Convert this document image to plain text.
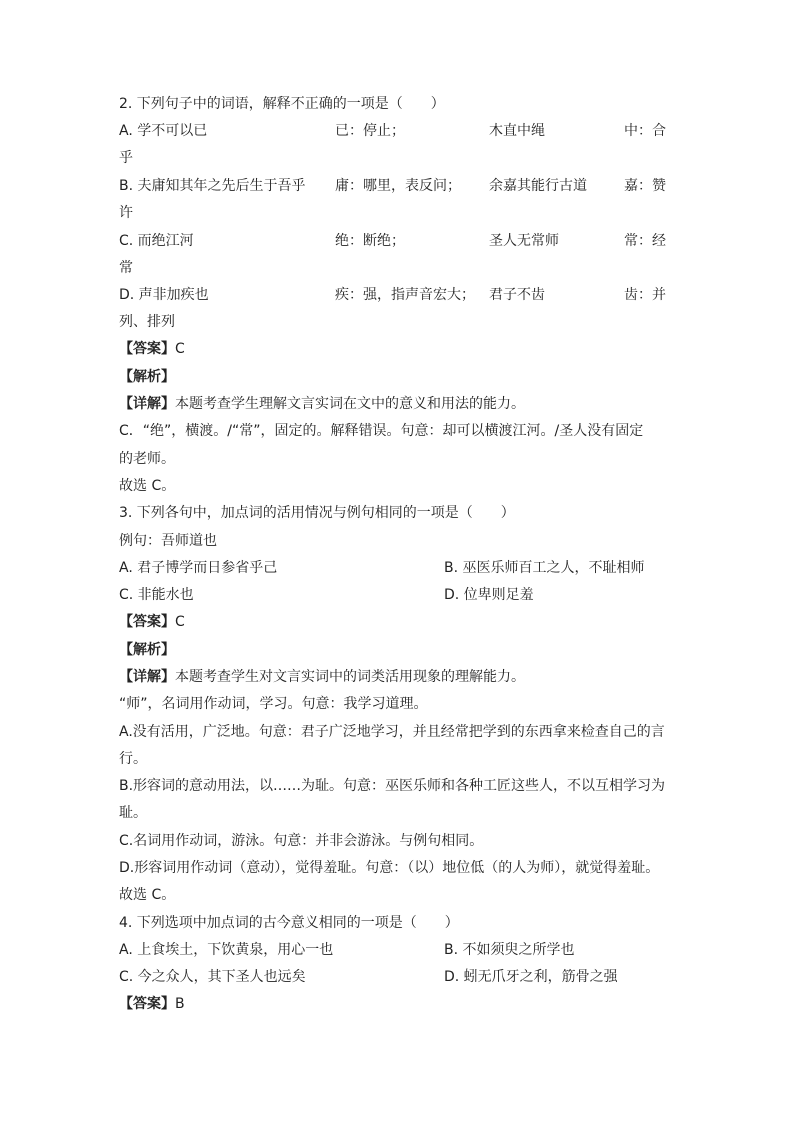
2. 下列句子中的词语，解释不正确的一项是（　　）
A. 学不可以已	已：停止；	木直中绳	中：合
乎
B. 夫庸知其年之先后生于吾乎 庸：哪里，表反问； 余嘉其能行古道	嘉：赞
许
C. 而绝江河	绝：断绝；	圣人无常师	常：经
常
D. 声非加疾也	疾：强，指声音宏大； 君子不齿	齿：并
列、排列
【答案】C
【解析】
【详解】本题考查学生理解文言实词在文中的意义和用法的能力。
C．“绝”，横渡。/“常”，固定的。解释错误。句意：却可以横渡江河。/圣人没有固定
的老师。
故选 C。
3. 下列各句中，加点词的活用情况与例句相同的一项是（　　）
例句：吾师道也
A. 君子博学而日参省乎己	B. 巫医乐师百工之人，不耻相师
C. 非能水也	D. 位卑则足羞
【答案】C
【解析】
【详解】本题考查学生对文言实词中的词类活用现象的理解能力。
“师”，名词用作动词，学习。句意：我学习道理。
A.没有活用，广泛地。句意：君子广泛地学习，并且经常把学到的东西拿来检查自己的言
行。
B.形容词的意动用法，以……为耻。句意：巫医乐师和各种工匠这些人，不以互相学习为
耻。
C.名词用作动词，游泳。句意：并非会游泳。与例句相同。
D.形容词用作动词（意动），觉得羞耻。句意：（以）地位低（的人为师），就觉得羞耻。
故选 C。
4. 下列选项中加点词的古今意义相同的一项是（　　）
A. 上食埃土，下饮黄泉，用心一也	B. 不如须臾之所学也
C. 今之众人，其下圣人也远矣	D. 蚓无爪牙之利，筋骨之强
【答案】B
